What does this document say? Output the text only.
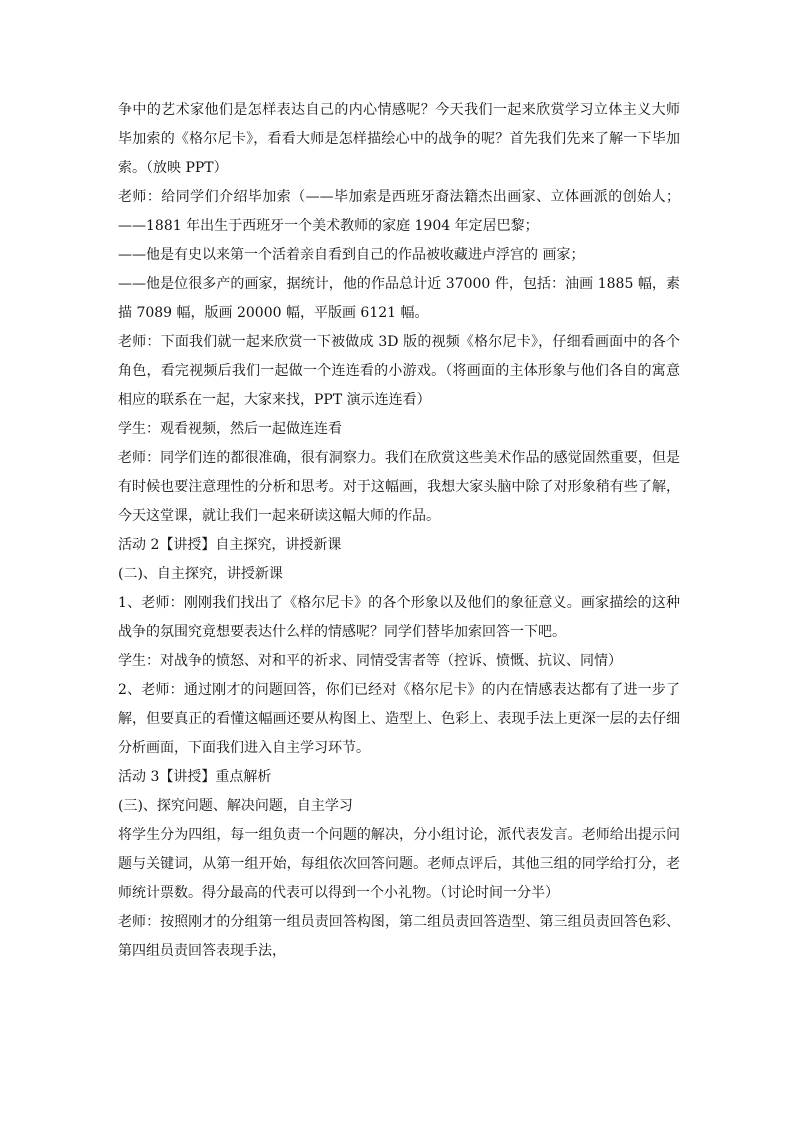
争中的艺术家他们是怎样表达自己的内心情感呢？今天我们一起来欣赏学习立体主义大师
毕加索的《格尔尼卡》，看看大师是怎样描绘心中的战争的呢？首先我们先来了解一下毕加
索。（放映 PPT）
老师：给同学们介绍毕加索（——毕加索是西班牙裔法籍杰出画家、立体画派的创始人；
——1881 年出生于西班牙一个美术教师的家庭 1904 年定居巴黎；
——他是有史以来第一个活着亲自看到自己的作品被收藏进卢浮宫的 画家；
——他是位很多产的画家，据统计，他的作品总计近 37000 件，包括：油画 1885 幅，素
描 7089 幅，版画 20000 幅，平版画 6121 幅。
老师：下面我们就一起来欣赏一下被做成 3D 版的视频《格尔尼卡》，仔细看画面中的各个
角色，看完视频后我们一起做一个连连看的小游戏。（将画面的主体形象与他们各自的寓意
相应的联系在一起，大家来找，PPT 演示连连看）
学生：观看视频，然后一起做连连看
老师：同学们连的都很准确，很有洞察力。我们在欣赏这些美术作品的感觉固然重要，但是
有时候也要注意理性的分析和思考。对于这幅画，我想大家头脑中除了对形象稍有些了解，
今天这堂课，就让我们一起来研读这幅大师的作品。
活动 2【讲授】自主探究，讲授新课
(二)、自主探究，讲授新课
1、老师：刚刚我们找出了《格尔尼卡》的各个形象以及他们的象征意义。画家描绘的这种
战争的氛围究竟想要表达什么样的情感呢？同学们替毕加索回答一下吧。
学生：对战争的愤怒、对和平的祈求、同情受害者等（控诉、愤慨、抗议、同情）
2、老师：通过刚才的问题回答，你们已经对《格尔尼卡》的内在情感表达都有了进一步了
解，但要真正的看懂这幅画还要从构图上、造型上、色彩上、表现手法上更深一层的去仔细
分析画面，下面我们进入自主学习环节。
活动 3【讲授】重点解析
(三)、探究问题、解决问题，自主学习
将学生分为四组，每一组负责一个问题的解决，分小组讨论，派代表发言。老师给出提示问
题与关键词，从第一组开始，每组依次回答问题。老师点评后，其他三组的同学给打分，老
师统计票数。得分最高的代表可以得到一个小礼物。（讨论时间一分半）
老师：按照刚才的分组第一组员责回答构图，第二组员责回答造型、第三组员责回答色彩、
第四组员责回答表现手法，
